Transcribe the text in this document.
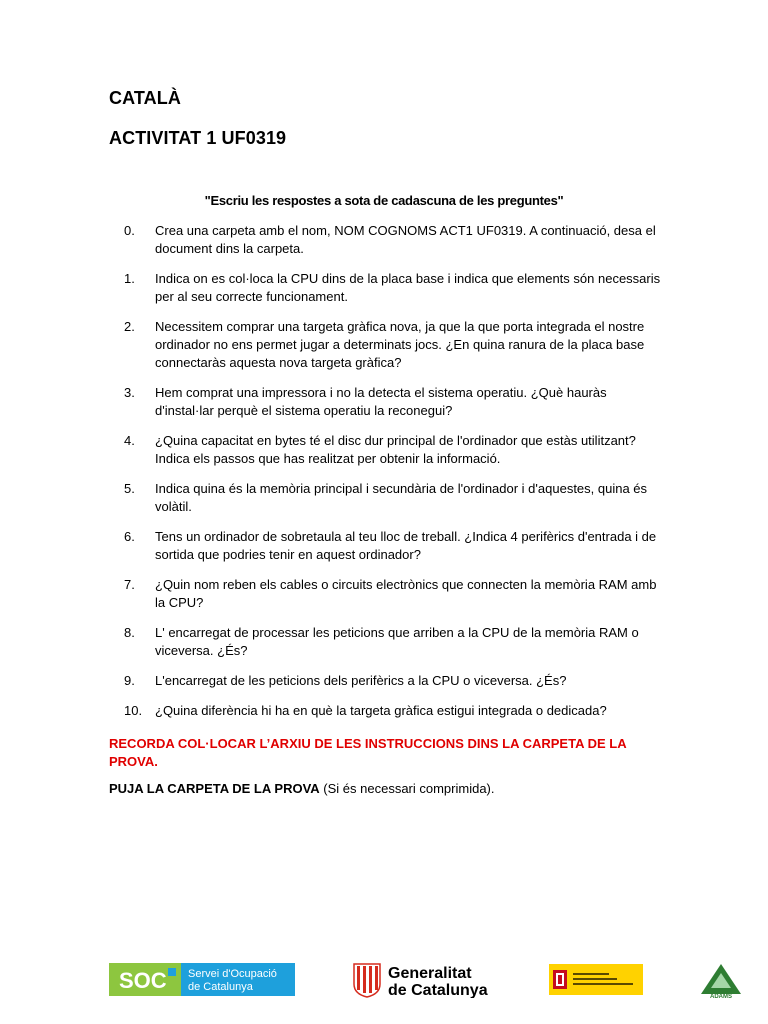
CATALÀ
ACTIVITAT 1 UF0319
"Escriu les respostes a sota de cadascuna de les preguntes"
0. Crea una carpeta amb el nom, NOM COGNOMS ACT1 UF0319. A continuació, desa el document dins la carpeta.
1. Indica on es col·loca la CPU dins de la placa base i indica que elements són necessaris per al seu correcte funcionament.
2. Necessitem comprar una targeta gràfica nova, ja que la que porta integrada el nostre ordinador no ens permet jugar a determinats jocs. ¿En quina ranura de la placa base connectaràs aquesta nova targeta gràfica?
3. Hem comprat una impressora i no la detecta el sistema operatiu. ¿Què hauràs d'instal·lar perquè el sistema operatiu la reconegui?
4. ¿Quina capacitat en bytes té el disc dur principal de l'ordinador que estàs utilitzant? Indica els passos que has realitzat per obtenir la informació.
5. Indica quina és la memòria principal i secundària de l'ordinador i d'aquestes, quina és volàtil.
6. Tens un ordinador de sobretaula al teu lloc de treball. ¿Indica 4 perifèrics d'entrada i de sortida que podries tenir en aquest ordinador?
7. ¿Quin nom reben els cables o circuits electrònics que connecten la memòria RAM amb la CPU?
8. L' encarregat de processar les peticions que arriben a la CPU de la memòria RAM o viceversa. ¿És?
9. L'encarregat de les peticions dels perifèrics a la CPU o viceversa. ¿És?
10. ¿Quina diferència hi ha en què la targeta gràfica estigui integrada o dedicada?
RECORDA COL·LOCAR L’ARXIU DE LES INSTRUCCIONS DINS LA CARPETA DE LA PROVA.
PUJA LA CARPETA DE LA PROVA (Si és necessari comprimida).
SOC Servei d'Ocupació
de Catalunya
Generalitat
de Catalunya	ADAMS
